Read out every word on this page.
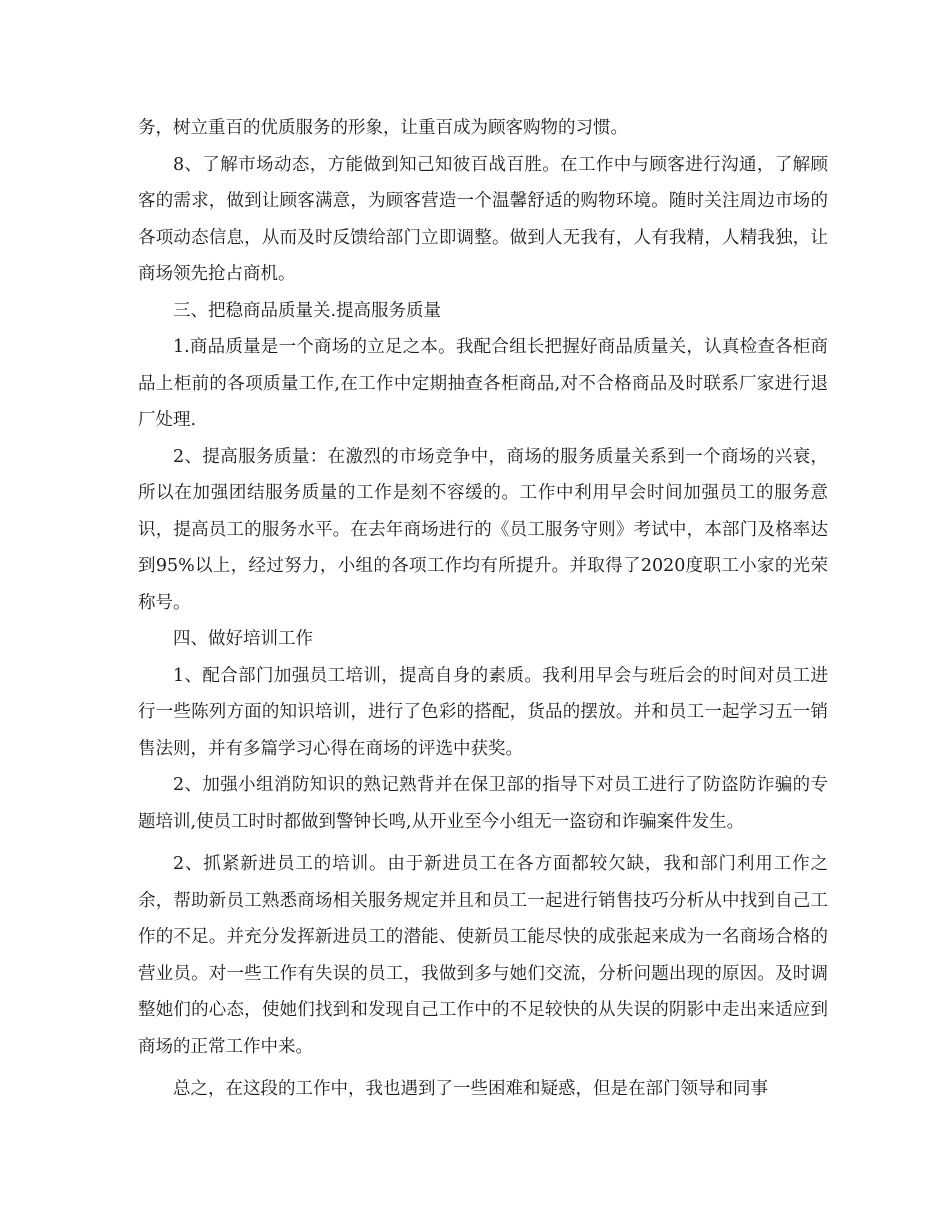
务，树立重百的优质服务的形象，让重百成为顾客购物的习惯。

8、了解市场动态，方能做到知己知彼百战百胜。在工作中与顾客进行沟通，了解顾客的需求，做到让顾客满意，为顾客营造一个温馨舒适的购物环境。随时关注周边市场的各项动态信息，从而及时反馈给部门立即调整。做到人无我有，人有我精，人精我独，让商场领先抢占商机。

三、把稳商品质量关.提高服务质量

1.商品质量是一个商场的立足之本。我配合组长把握好商品质量关，认真检查各柜商品上柜前的各项质量工作,在工作中定期抽查各柜商品,对不合格商品及时联系厂家进行退厂处理.

2、提高服务质量：在激烈的市场竞争中，商场的服务质量关系到一个商场的兴衰，所以在加强团结服务质量的工作是刻不容缓的。工作中利用早会时间加强员工的服务意识，提高员工的服务水平。在去年商场进行的《员工服务守则》考试中，本部门及格率达到95%以上，经过努力，小组的各项工作均有所提升。并取得了2020度职工小家的光荣称号。

四、做好培训工作

1、配合部门加强员工培训，提高自身的素质。我利用早会与班后会的时间对员工进行一些陈列方面的知识培训，进行了色彩的搭配，货品的摆放。并和员工一起学习五一销售法则，并有多篇学习心得在商场的评选中获奖。

2、加强小组消防知识的熟记熟背并在保卫部的指导下对员工进行了防盗防诈骗的专题培训,使员工时时都做到警钟长鸣,从开业至今小组无一盗窃和诈骗案件发生。

2、抓紧新进员工的培训。由于新进员工在各方面都较欠缺，我和部门利用工作之余，帮助新员工熟悉商场相关服务规定并且和员工一起进行销售技巧分析从中找到自己工作的不足。并充分发挥新进员工的潜能、使新员工能尽快的成张起来成为一名商场合格的营业员。对一些工作有失误的员工，我做到多与她们交流，分析问题出现的原因。及时调整她们的心态，使她们找到和发现自己工作中的不足较快的从失误的阴影中走出来适应到商场的正常工作中来。

总之，在这段的工作中，我也遇到了一些困难和疑惑，但是在部门领导和同事
